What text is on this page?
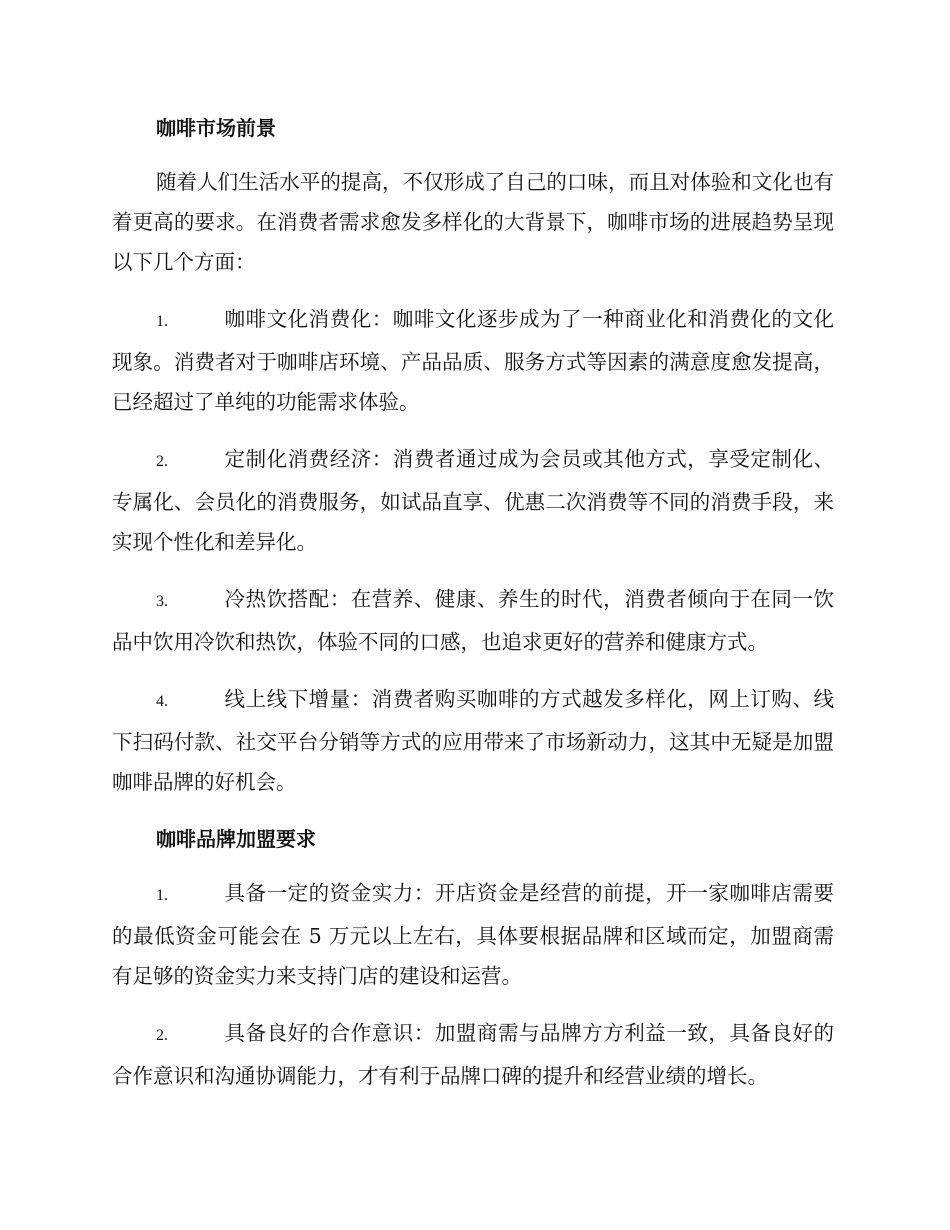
咖啡市场前景

随着人们生活水平的提高，不仅形成了自己的口味，而且对体验和文化也有着更高的要求。在消费者需求愈发多样化的大背景下，咖啡市场的进展趋势呈现以下几个方面：

1.	咖啡文化消费化：咖啡文化逐步成为了一种商业化和消费化的文化现象。消费者对于咖啡店环境、产品品质、服务方式等因素的满意度愈发提高，已经超过了单纯的功能需求体验。

2.	定制化消费经济：消费者通过成为会员或其他方式，享受定制化、专属化、会员化的消费服务，如试品直享、优惠二次消费等不同的消费手段，来实现个性化和差异化。

3.	冷热饮搭配：在营养、健康、养生的时代，消费者倾向于在同一饮品中饮用冷饮和热饮，体验不同的口感，也追求更好的营养和健康方式。

4.	线上线下增量：消费者购买咖啡的方式越发多样化，网上订购、线下扫码付款、社交平台分销等方式的应用带来了市场新动力，这其中无疑是加盟咖啡品牌的好机会。

咖啡品牌加盟要求

1.	具备一定的资金实力：开店资金是经营的前提，开一家咖啡店需要的最低资金可能会在 5 万元以上左右，具体要根据品牌和区域而定，加盟商需有足够的资金实力来支持门店的建设和运营。

2.	具备良好的合作意识：加盟商需与品牌方方利益一致，具备良好的合作意识和沟通协调能力，才有利于品牌口碑的提升和经营业绩的增长。
